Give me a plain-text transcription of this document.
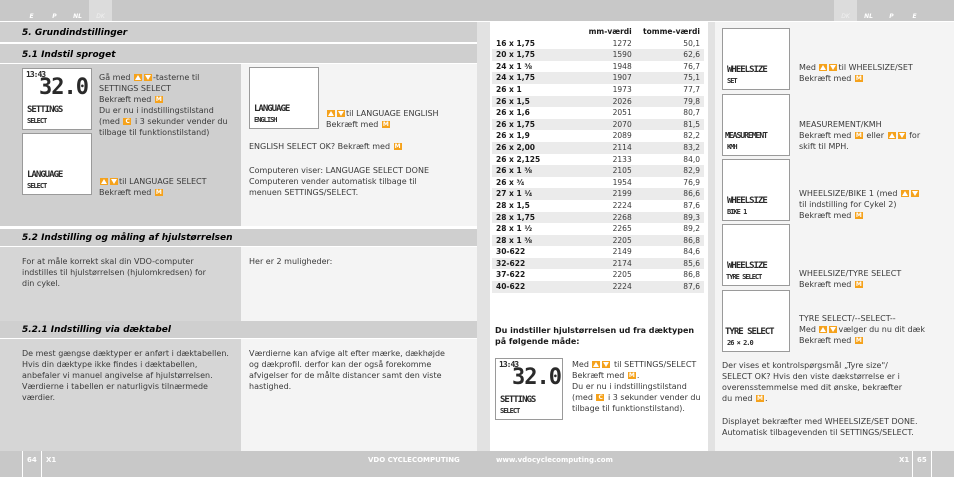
E	P	NL	DK	DK	NL	P	E
5. Grundindstillinger
5.1 Indstil sproget
13:43
32.0
SETTINGS
SELECT
LANGUAGE
SELECT
Gå med	-tasterne til
SETTINGS SELECT
Bekræft med M
Du er nu i indstillingstilstand
(med C i 3 sekunder vender du
tilbage til funktionstilstand)
til LANGUAGE SELECT
Bekræft med M
LANGUAGE
ENGLISH
til LANGUAGE ENGLISH
Bekræft med M
ENGLISH SELECT OK? Bekræft med M
Computeren viser: LANGUAGE SELECT DONE
Computeren vender automatisk tilbage til
menuen SETTINGS/SELECT.
5.2 Indstilling og måling af hjulstørrelsen
For at måle korrekt skal din VDO-computer
indstilles til hjulstørrelsen (hjulomkredsen) for
din cykel.
Her er 2 muligheder:
5.2.1 Indstilling via dæktabel
De mest gængse dæktyper er anført i dæktabellen.
Hvis din dæktype ikke findes i dæktabellen,
anbefaler vi manuel angivelse af hjulstørrelsen.
Værdierne i tabellen er naturligvis tilnærmede
værdier.
Værdierne kan afvige alt efter mærke, dækhøjde
og dækprofil. derfor kan der også forekomme
afvigelser for de målte distancer samt den viste
hastighed.
	mm-værdi	tomme-værdi
16 x 1,75	1272	50,1
20 x 1,75	1590	62,6
24 x 1 ³⁄₈	1948	76,7
24 x 1,75	1907	75,1
26 x 1	1973	77,7
26 x 1,5	2026	79,8
26 x 1,6	2051	80,7
26 x 1,75	2070	81,5
26 x 1,9	2089	82,2
26 x 2,00	2114	83,2
26 x 2,125	2133	84,0
26 x 1 ³⁄₈	2105	82,9
26 x ³⁄₄	1954	76,9
27 x 1 ¹⁄₄	2199	86,6
28 x 1,5	2224	87,6
28 x 1,75	2268	89,3
28 x 1 ¹⁄₂	2265	89,2
28 x 1 ³⁄₈	2205	86,8
30-622	2149	84,6
32-622	2174	85,6
37-622	2205	86,8
40-622	2224	87,6
Du indstiller hjulstørrelsen ud fra dæktypen
på følgende måde:
13:43
32.0
SETTINGS
SELECT
Med	til SETTINGS/SELECT
Bekræft med M.
Du er nu i indstillingstilstand
(med C i 3 sekunder vender du
tilbage til funktionstilstand).
WHEELSIZE
SET
Med	til WHEELSIZE/SET
Bekræft med M
MEASUREMENT
KMH
MEASUREMENT/KMH
Bekræft med M eller	for
skift til MPH.
WHEELSIZE
BIKE 1
WHEELSIZE/BIKE 1 (med
til indstilling for Cykel 2)
Bekræft med M
WHEELSIZE
TYRE SELECT	WHEELSIZE/TYRE SELECT
Bekræft med M
TYRE SELECT
26 × 2.0
TYRE SELECT/--SELECT--
Med	vælger du nu dit dæk
Bekræft med M
Der vises et kontrolspørgsmål „Tyre size"/
SELECT OK? Hvis den viste dækstørrelse er i
overensstemmelse med dit ønske, bekræfter
du med M.
Displayet bekræfter med WHEELSIZE/SET DONE.
Automatisk tilbagevenden til SETTINGS/SELECT.
64 X1	VDO CYCLECOMPUTING	www.vdocyclecomputing.com	X1 65
